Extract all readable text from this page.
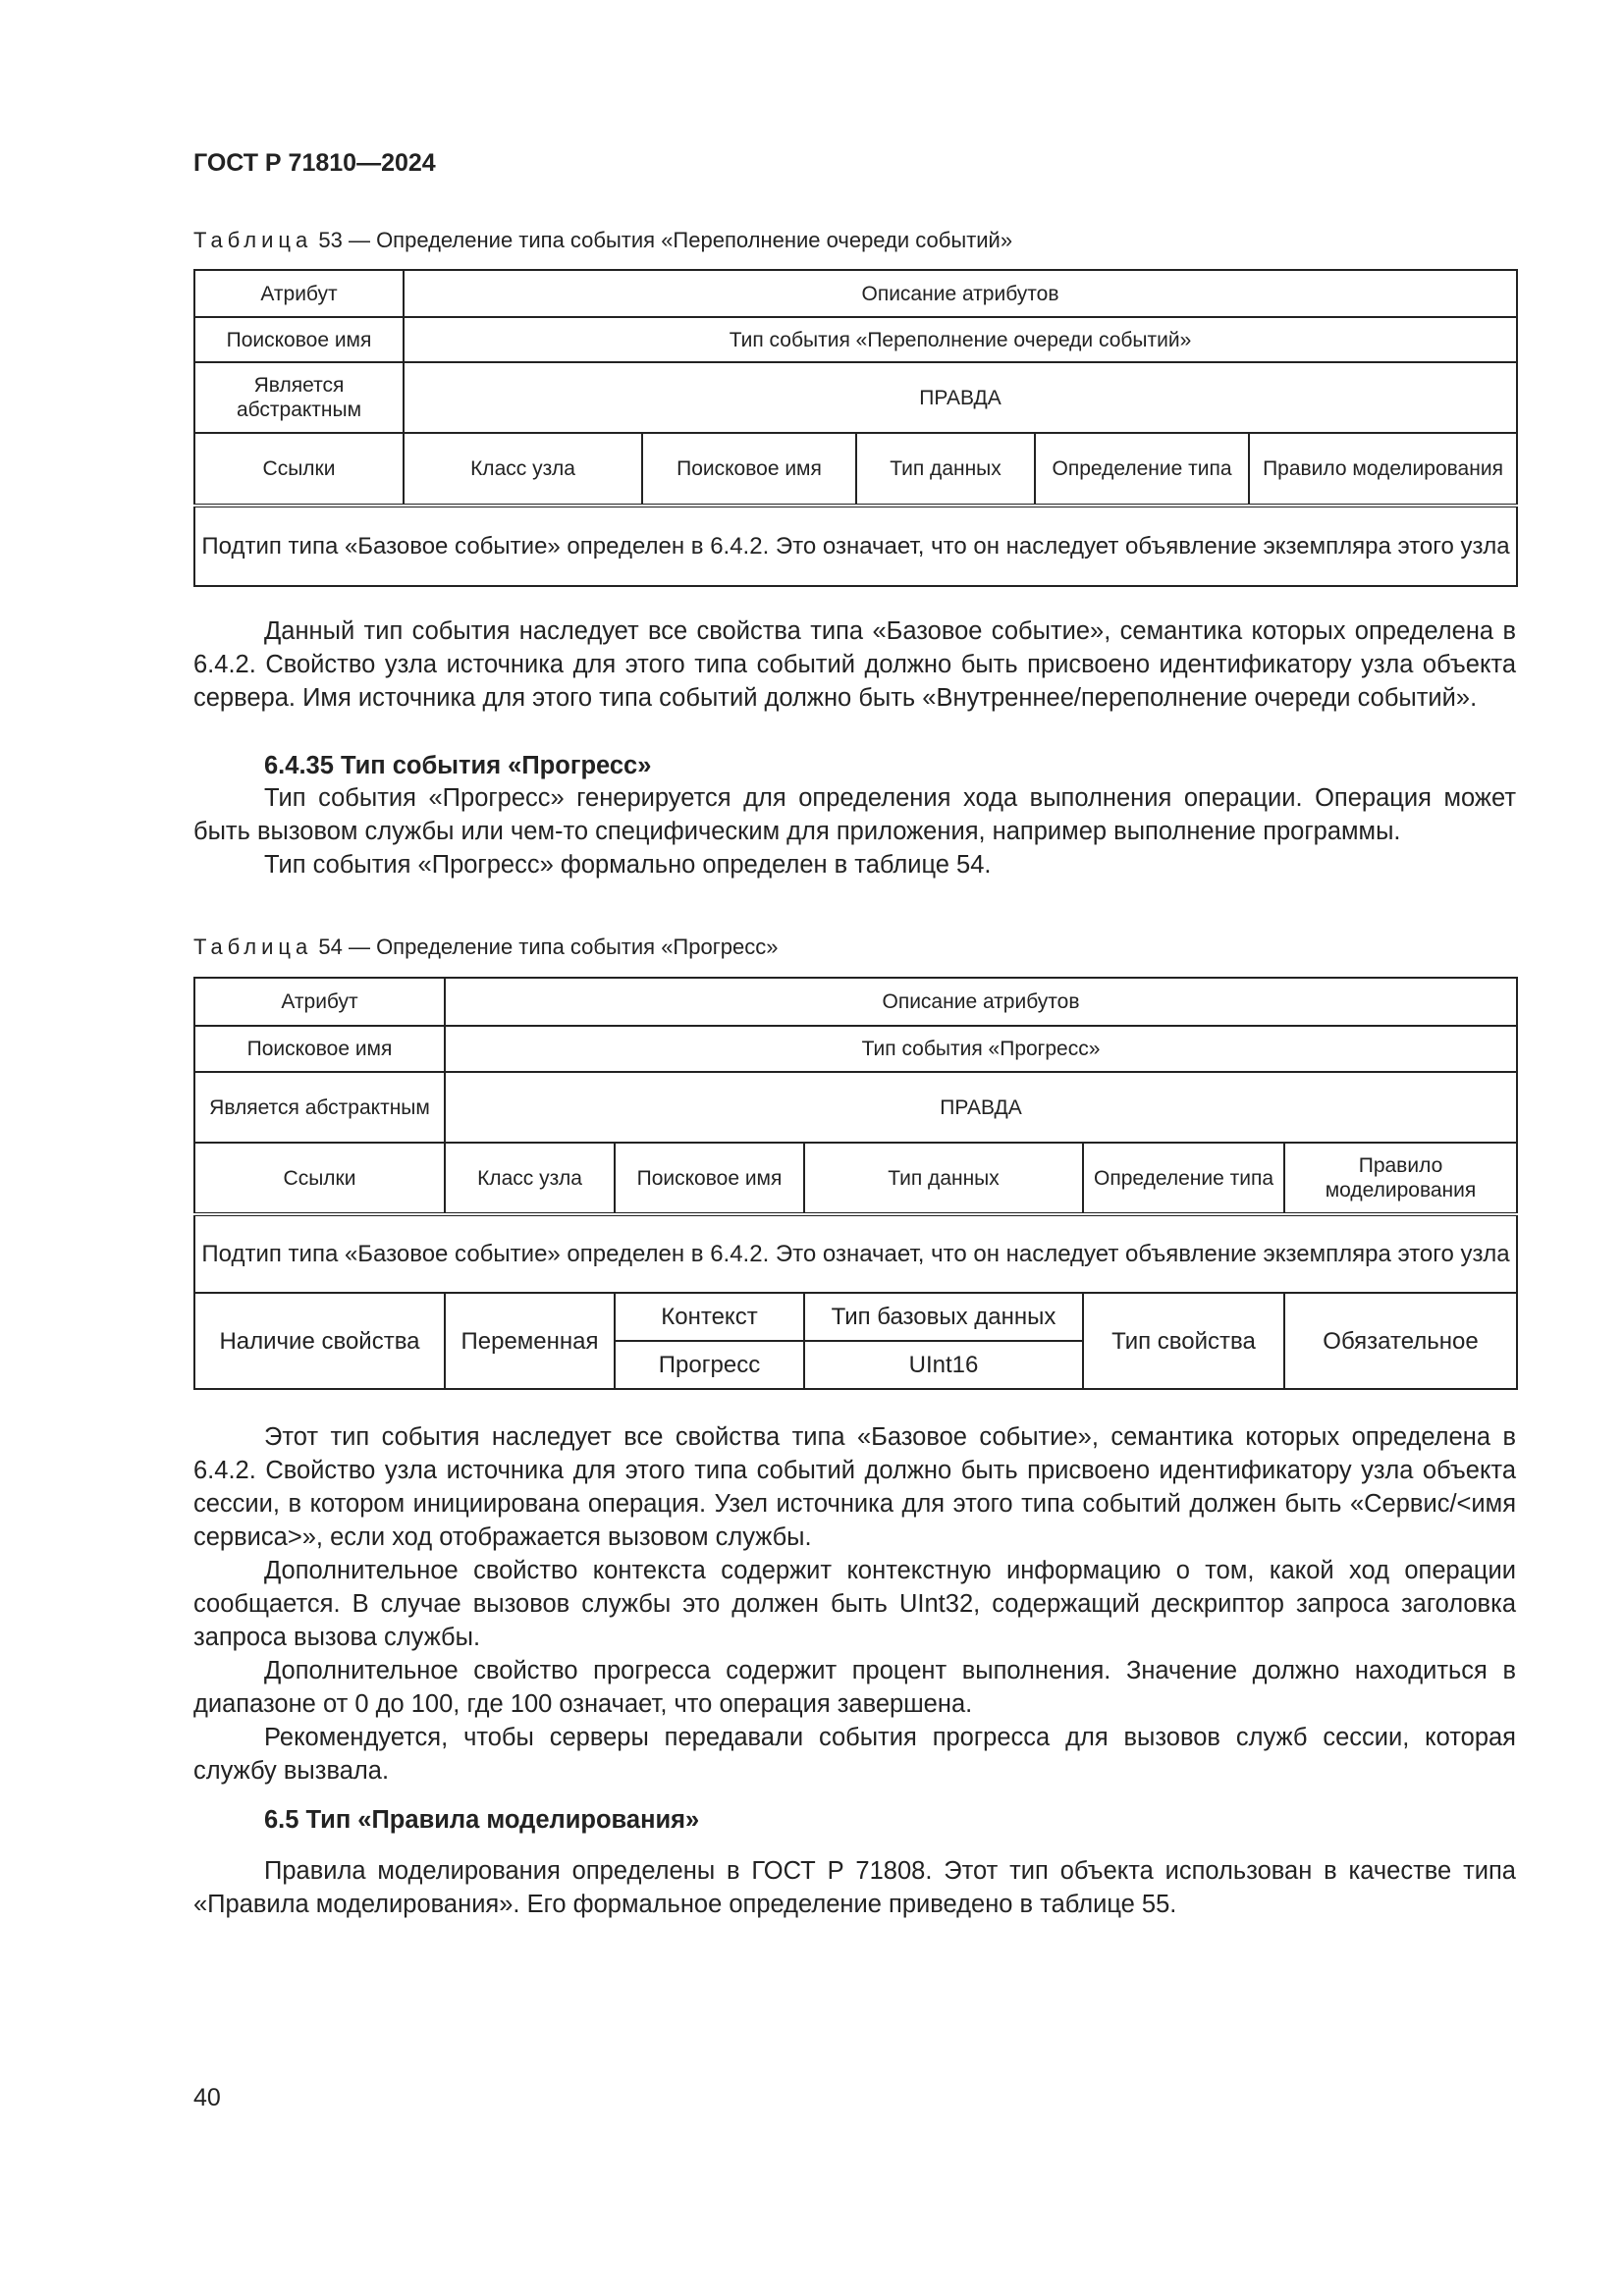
ГОСТ Р 71810—2024
Таблица 53 — Определение типа события «Переполнение очереди событий»
Атрибут	Описание атрибутов				
Поисковое имя	Тип события «Переполнение очереди событий»				
Является абстрактным	ПРАВДА				
Ссылки	Класс узла	Поисковое имя	Тип данных	Определение типа	Правило моделирования
Подтип типа «Базовое событие» определен в 6.4.2. Это означает, что он наследует объявление экземпляра этого узла					

Данный тип события наследует все свойства типа «Базовое событие», семантика которых определена в 6.4.2. Свойство узла источника для этого типа событий должно быть присвоено идентификатору узла объекта сервера. Имя источника для этого типа событий должно быть «Внутреннее/переполнение очереди событий».

6.4.35 Тип события «Прогресс»

Тип события «Прогресс» генерируется для определения хода выполнения операции. Операция может быть вызовом службы или чем-то специфическим для приложения, например выполнение программы.

Тип события «Прогресс» формально определен в таблице 54.

Таблица 54 — Определение типа события «Прогресс»
Атрибут	Описание атрибутов				
Поисковое имя	Тип события «Прогресс»				
Является абстрактным	ПРАВДА				
Ссылки	Класс узла	Поисковое имя	Тип данных	Определение типа	Правило моделирования
Подтип типа «Базовое событие» определен в 6.4.2. Это означает, что он наследует объявление экземпляра этого узла					
Наличие свойства	Переменная	Контекст	Тип базовых данных	Тип свойства	Обязательное
		Прогресс	UInt16		

Этот тип события наследует все свойства типа «Базовое событие», семантика которых определена в 6.4.2. Свойство узла источника для этого типа событий должно быть присвоено идентификатору узла объекта сессии, в котором инициирована операция. Узел источника для этого типа событий должен быть «Сервис/<имя сервиса>», если ход отображается вызовом службы.

Дополнительное свойство контекста содержит контекстную информацию о том, какой ход операции сообщается. В случае вызовов службы это должен быть UInt32, содержащий дескриптор запроса заголовка запроса вызова службы.

Дополнительное свойство прогресса содержит процент выполнения. Значение должно находиться в диапазоне от 0 до 100, где 100 означает, что операция завершена.

Рекомендуется, чтобы серверы передавали события прогресса для вызовов служб сессии, которая службу вызвала.

6.5 Тип «Правила моделирования»

Правила моделирования определены в ГОСТ Р 71808. Этот тип объекта использован в качестве типа «Правила моделирования». Его формальное определение приведено в таблице 55.

40
